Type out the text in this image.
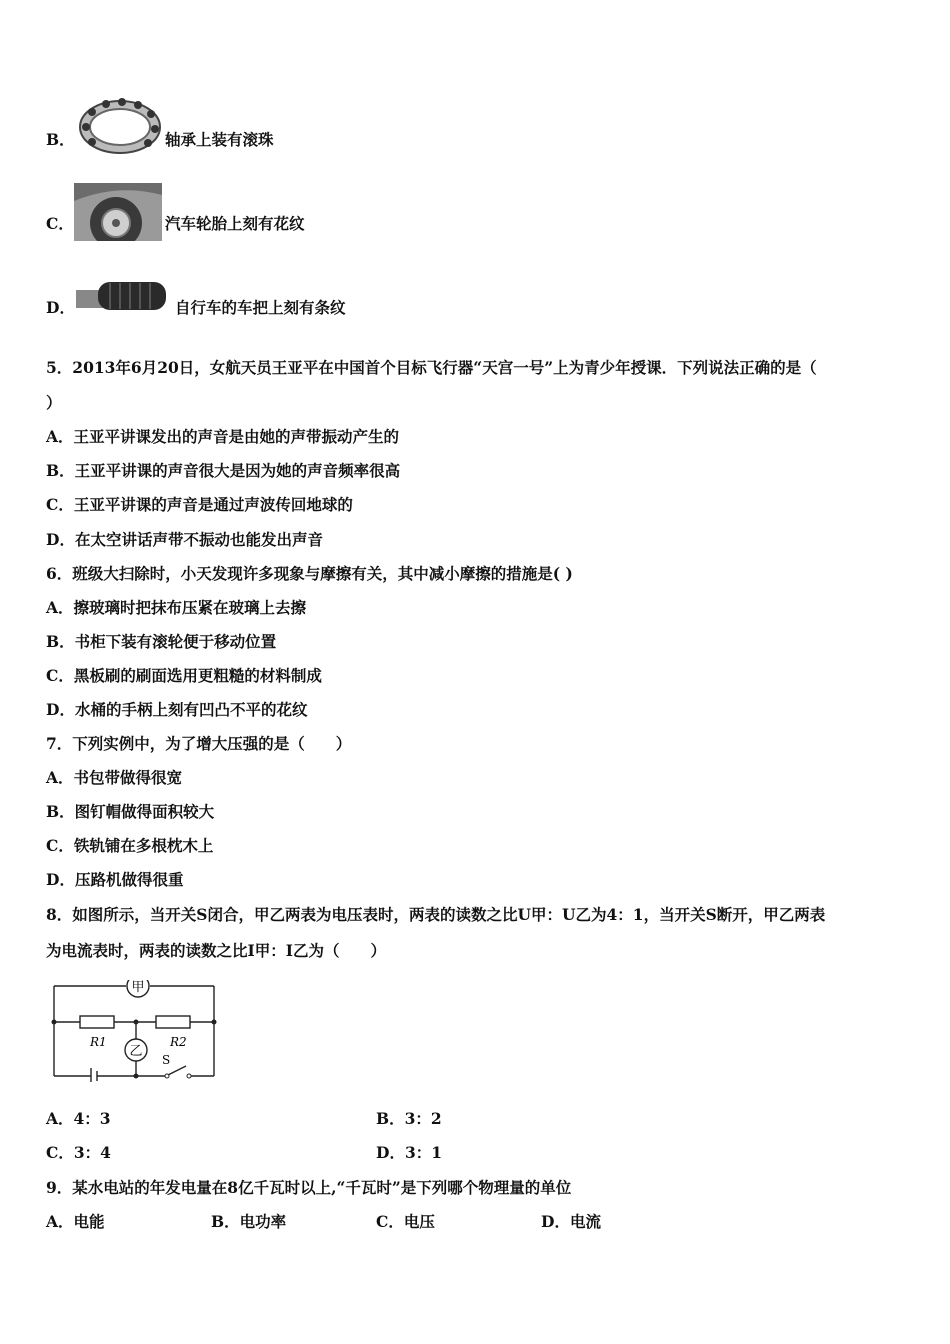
B．	轴承上装有滚珠
C．	汽车轮胎上刻有花纹
D．	自行车的车把上刻有条纹
5．2013年6月20日，女航天员王亚平在中国首个目标飞行器“天宫一号”上为青少年授课．下列说法正确的是（
）
A．王亚平讲课发出的声音是由她的声带振动产生的
B．王亚平讲课的声音很大是因为她的声音频率很高
C．王亚平讲课的声音是通过声波传回地球的
D．在太空讲话声带不振动也能发出声音
6．班级大扫除时，小天发现许多现象与摩擦有关，其中减小摩擦的措施是( )
A．擦玻璃时把抹布压紧在玻璃上去擦
B．书柜下装有滚轮便于移动位置
C．黑板刷的刷面选用更粗糙的材料制成
D．水桶的手柄上刻有凹凸不平的花纹
7．下列实例中，为了增大压强的是（　　）
A．书包带做得很宽
B．图钉帽做得面积较大
C．铁轨铺在多根枕木上
D．压路机做得很重
8．如图所示，当开关S闭合，甲乙两表为电压表时，两表的读数之比U甲：U乙为4：1，当开关S断开，甲乙两表
为电流表时，两表的读数之比I甲：I乙为（　　）
甲
乙
R1	R2
S
A．4：3	B．3：2
C．3：4	D．3：1
9．某水电站的年发电量在8亿千瓦时以上,“千瓦时”是下列哪个物理量的单位
A．电能	B．电功率	C．电压	D．电流
